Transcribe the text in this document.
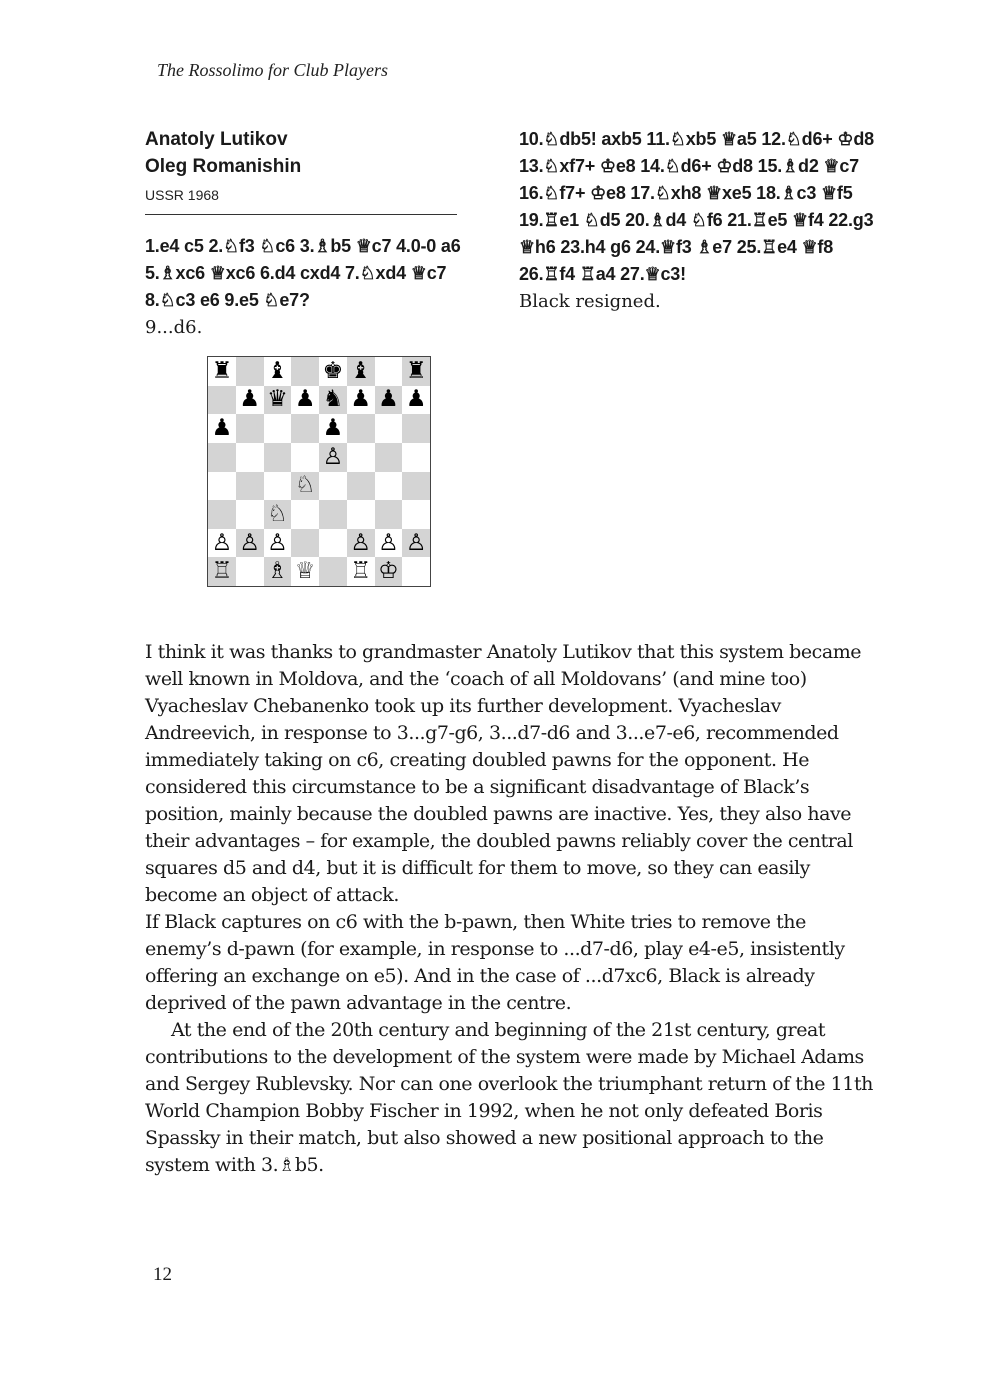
The Rossolimo for Club Players

Anatoly Lutikov

Oleg Romanishin

USSR 1968

1.e4 c5 2.♘f3 ♘c6 3.♗b5 ♕c7 4.0-0 a6 5.♗xc6 ♕xc6 6.d4 cxd4 7.♘xd4 ♕c7 8.♘c3 e6 9.e5 ♘e7?

9...d6.

♜ ♝ ♚ ♝ ♜
♟ ♛ ♟ ♞ ♟ ♟ ♟
♟	♟
♙
♘
♘
♙ ♙ ♙	♙ ♙ ♙
♖ ♗ ♕ ♖ ♔

10.♘db5! axb5 11.♘xb5 ♕a5 12.♘d6+ ♔d8 13.♘xf7+ ♔e8 14.♘d6+ ♔d8 15.♗d2 ♕c7 16.♘f7+ ♔e8 17.♘xh8 ♕xe5 18.♗c3 ♕f5 19.♖e1 ♘d5 20.♗d4 ♘f6 21.♖e5 ♕f4 22.g3 ♕h6 23.h4 g6 24.♕f3 ♗e7 25.♖e4 ♕f8 26.♖f4 ♖a4 27.♕c3!

Black resigned.

I think it was thanks to grandmaster Anatoly Lutikov that this system became well known in Moldova, and the ‘coach of all Moldovans’ (and mine too) Vyacheslav Chebanenko took up its further development. Vyacheslav Andreevich, in response to 3...g7-g6, 3...d7-d6 and 3...e7-e6, recommended immediately taking on c6, creating doubled pawns for the opponent. He considered this circumstance to be a significant disadvantage of Black’s position, mainly because the doubled pawns are inactive. Yes, they also have their advantages – for example, the doubled pawns reliably cover the central squares d5 and d4, but it is difficult for them to move, so they can easily become an object of attack.

If Black captures on c6 with the b-pawn, then White tries to remove the enemy’s d-pawn (for example, in response to ...d7-d6, play e4-e5, insistently offering an exchange on e5). And in the case of ...d7xc6, Black is already deprived of the pawn advantage in the centre.

At the end of the 20th century and beginning of the 21st century, great contributions to the development of the system were made by Michael Adams and Sergey Rublevsky. Nor can one overlook the triumphant return of the 11th World Champion Bobby Fischer in 1992, when he not only defeated Boris Spassky in their match, but also showed a new positional approach to the system with 3.♗b5.

12
